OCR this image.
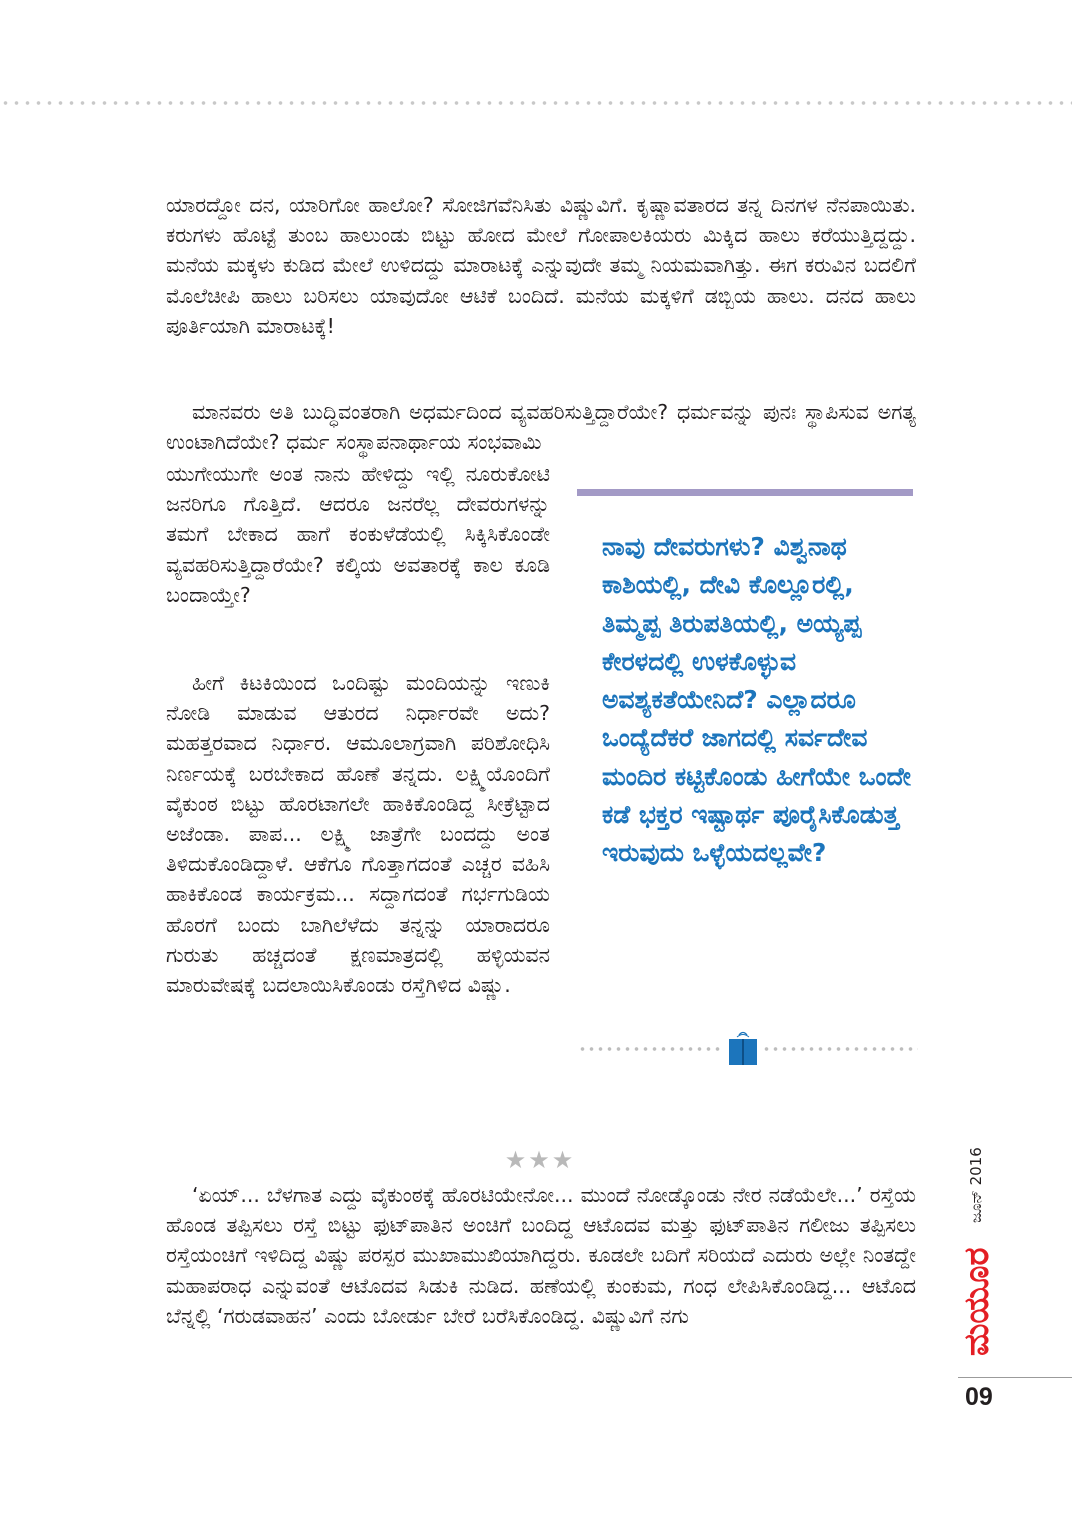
ಯಾರದ್ದೋ ದನ, ಯಾರಿಗೋ ಹಾಲೋ? ಸೋಜಿಗವೆನಿಸಿತು ವಿಷ್ಣುವಿಗೆ. ಕೃಷ್ಣಾವತಾರದ ತನ್ನ ದಿನಗಳ ನೆನಪಾಯಿತು. ಕರುಗಳು ಹೊಟ್ಟೆ ತುಂಬ ಹಾಲುಂಡು ಬಿಟ್ಟು ಹೋದ ಮೇಲೆ ಗೋಪಾಲಕಿಯರು ಮಿಕ್ಕಿದ ಹಾಲು ಕರೆಯುತ್ತಿದ್ದದ್ದು. ಮನೆಯ ಮಕ್ಕಳು ಕುಡಿದ ಮೇಲೆ ಉಳಿದದ್ದು ಮಾರಾಟಕ್ಕೆ ಎನ್ನುವುದೇ ತಮ್ಮ ನಿಯಮವಾಗಿತ್ತು. ಈಗ ಕರುವಿನ ಬದಲಿಗೆ ಮೊಲೆಚೀಪಿ ಹಾಲು ಬರಿಸಲು ಯಾವುದೋ ಆಟಿಕೆ ಬಂದಿದೆ. ಮನೆಯ ಮಕ್ಕಳಿಗೆ ಡಬ್ಬಿಯ ಹಾಲು. ದನದ ಹಾಲು ಪೂರ್ತಿಯಾಗಿ ಮಾರಾಟಕ್ಕೆ!

ಮಾನವರು ಅತಿ ಬುದ್ಧಿವಂತರಾಗಿ ಅಧರ್ಮದಿಂದ ವ್ಯವಹರಿಸುತ್ತಿದ್ದಾರೆಯೇ? ಧರ್ಮವನ್ನು ಪುನಃ ಸ್ಥಾಪಿಸುವ ಅಗತ್ಯ ಉಂಟಾಗಿದೆಯೇ? ಧರ್ಮ ಸಂಸ್ಥಾಪನಾರ್ಥಾಯ ಸಂಭವಾಮಿ

ಯುಗೇಯುಗೇ ಅಂತ ನಾನು ಹೇಳಿದ್ದು ಇಲ್ಲಿ ನೂರುಕೋಟಿ ಜನರಿಗೂ ಗೊತ್ತಿದೆ. ಆದರೂ ಜನರೆಲ್ಲ ದೇವರುಗಳನ್ನು ತಮಗೆ ಬೇಕಾದ ಹಾಗೆ ಕಂಕುಳೆಡೆಯಲ್ಲಿ ಸಿಕ್ಕಿಸಿಕೊಂಡೇ ವ್ಯವಹರಿಸುತ್ತಿದ್ದಾರೆಯೇ? ಕಲ್ಕಿಯ ಅವತಾರಕ್ಕೆ ಕಾಲ ಕೂಡಿ ಬಂದಾಯ್ತೇ?

ಹೀಗೆ ಕಿಟಕಿಯಿಂದ ಒಂದಿಷ್ಟು ಮಂದಿಯನ್ನು ಇಣುಕಿ ನೋಡಿ ಮಾಡುವ ಆತುರದ ನಿರ್ಧಾರವೇ ಅದು? ಮಹತ್ತರವಾದ ನಿರ್ಧಾರ. ಆಮೂಲಾಗ್ರವಾಗಿ ಪರಿಶೋಧಿಸಿ ನಿರ್ಣಯಕ್ಕೆ ಬರಬೇಕಾದ ಹೊಣೆ ತನ್ನದು. ಲಕ್ಷ್ಮಿಯೊಂದಿಗೆ ವೈಕುಂಠ ಬಿಟ್ಟು ಹೊರಟಾಗಲೇ ಹಾಕಿಕೊಂಡಿದ್ದ ಸೀಕ್ರೆಟ್ಟಾದ ಅಜೆಂಡಾ. ಪಾಪ... ಲಕ್ಷ್ಮಿ ಜಾತ್ರೆಗೇ ಬಂದದ್ದು ಅಂತ ತಿಳಿದುಕೊಂಡಿದ್ದಾಳೆ. ಆಕೆಗೂ ಗೊತ್ತಾಗದಂತೆ ಎಚ್ಚರ ವಹಿಸಿ ಹಾಕಿಕೊಂಡ ಕಾರ್ಯಕ್ರಮ... ಸದ್ದಾಗದಂತೆ ಗರ್ಭಗುಡಿಯ ಹೊರಗೆ ಬಂದು ಬಾಗಿಲೆಳೆದು ತನ್ನನ್ನು ಯಾರಾದರೂ ಗುರುತು ಹಚ್ಚದಂತೆ ಕ್ಷಣಮಾತ್ರದಲ್ಲಿ ಹಳ್ಳಿಯವನ ಮಾರುವೇಷಕ್ಕೆ ಬದಲಾಯಿಸಿಕೊಂಡು ರಸ್ತೆಗಿಳಿದ ವಿಷ್ಣು.

ನಾವು ದೇವರುಗಳು? ವಿಶ್ವನಾಥ ಕಾಶಿಯಲ್ಲಿ, ದೇವಿ ಕೊಲ್ಲೂರಲ್ಲಿ, ತಿಮ್ಮಪ್ಪ ತಿರುಪತಿಯಲ್ಲಿ, ಅಯ್ಯಪ್ಪ ಕೇರಳದಲ್ಲಿ ಉಳಕೊಳ್ಳುವ ಅವಶ್ಯಕತೆಯೇನಿದೆ? ಎಲ್ಲಾದರೂ ಒಂದ್ಯೆದೆಕರೆ ಜಾಗದಲ್ಲಿ ಸರ್ವದೇವ ಮಂದಿರ ಕಟ್ಟಿಕೊಂಡು ಹೀಗೆಯೇ ಒಂದೇ ಕಡೆ ಭಕ್ತರ ಇಷ್ಟಾರ್ಥ ಪೂರೈಸಿಕೊಡುತ್ತ ಇರುವುದು ಒಳ್ಳೆಯದಲ್ಲವೇ?

★★★

‘ಏಯ್... ಬೆಳಗಾತ ಎದ್ದು ವೈಕುಂಠಕ್ಕೆ ಹೊರಟಿಯೇನೋ... ಮುಂದೆ ನೋಡ್ಕೊಂಡು ನೇರ ನಡೆಯೆಲೇ...’ ರಸ್ತೆಯ ಹೊಂಡ ತಪ್ಪಿಸಲು ರಸ್ತೆ ಬಿಟ್ಟು ಫುಟ್‌ಪಾತಿನ ಅಂಚಿಗೆ ಬಂದಿದ್ದ ಆಟೊದವ ಮತ್ತು ಫುಟ್‌ಪಾತಿನ ಗಲೀಜು ತಪ್ಪಿಸಲು ರಸ್ತೆಯಂಚಿಗೆ ಇಳಿದಿದ್ದ ವಿಷ್ಣು ಪರಸ್ಪರ ಮುಖಾಮುಖಿಯಾಗಿದ್ದರು. ಕೂಡಲೇ ಬದಿಗೆ ಸರಿಯದೆ ಎದುರು ಅಲ್ಲೇ ನಿಂತದ್ದೇ ಮಹಾಪರಾಧ ಎನ್ನುವಂತೆ ಆಟೊದವ ಸಿಡುಕಿ ನುಡಿದ. ಹಣೆಯಲ್ಲಿ ಕುಂಕುಮ, ಗಂಧ ಲೇಪಿಸಿಕೊಂಡಿದ್ದ... ಆಟೊದ ಬೆನ್ನಲ್ಲಿ ‘ಗರುಡವಾಹನ’ ಎಂದು ಬೋರ್ಡು ಬೇರೆ ಬರೆಸಿಕೊಂಡಿದ್ದ. ವಿಷ್ಣುವಿಗೆ ನಗು

ಜೂನ್ 2016
ಮಯೂರ
09
